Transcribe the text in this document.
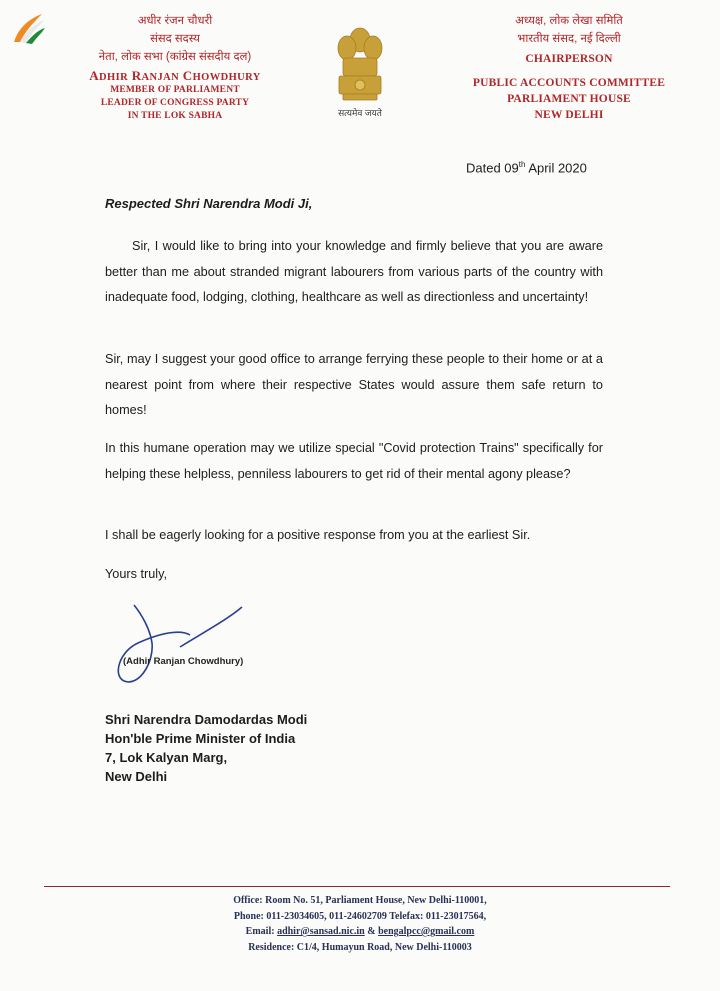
अधीर रंजन चौधरी
संसद सदस्य
नेता, लोक सभा (कांग्रेस संसदीय दल)
ADHIR RANJAN CHOWDHURY
MEMBER OF PARLIAMENT
LEADER OF CONGRESS PARTY
IN THE LOK SABHA	सत्यमेव जयते
अध्यक्ष, लोक लेखा समिति
भारतीय संसद, नई दिल्ली
CHAIRPERSON
PUBLIC ACCOUNTS COMMITTEE
PARLIAMENT HOUSE
NEW DELHI
Dated 09th April 2020
Respected Shri Narendra Modi Ji,
Sir, I would like to bring into your knowledge and firmly believe that you are aware better than me about stranded migrant labourers from various parts of the country with inadequate food, lodging, clothing, healthcare as well as directionless and uncertainty!
Sir, may I suggest your good office to arrange ferrying these people to their home or at a nearest point from where their respective States would assure them safe return to homes!
In this humane operation may we utilize special "Covid protection Trains" specifically for helping these helpless, penniless labourers to get rid of their mental agony please?
I shall be eagerly looking for a positive response from you at the earliest Sir.
Yours truly,
(Adhir Ranjan Chowdhury)
Shri Narendra Damodardas Modi
Hon'ble Prime Minister of India
7, Lok Kalyan Marg,
New Delhi
Office: Room No. 51, Parliament House, New Delhi-110001,
Phone: 011-23034605, 011-24602709 Telefax: 011-23017564,
Email: adhir@sansad.nic.in & bengalpcc@gmail.com
Residence: C1/4, Humayun Road, New Delhi-110003
